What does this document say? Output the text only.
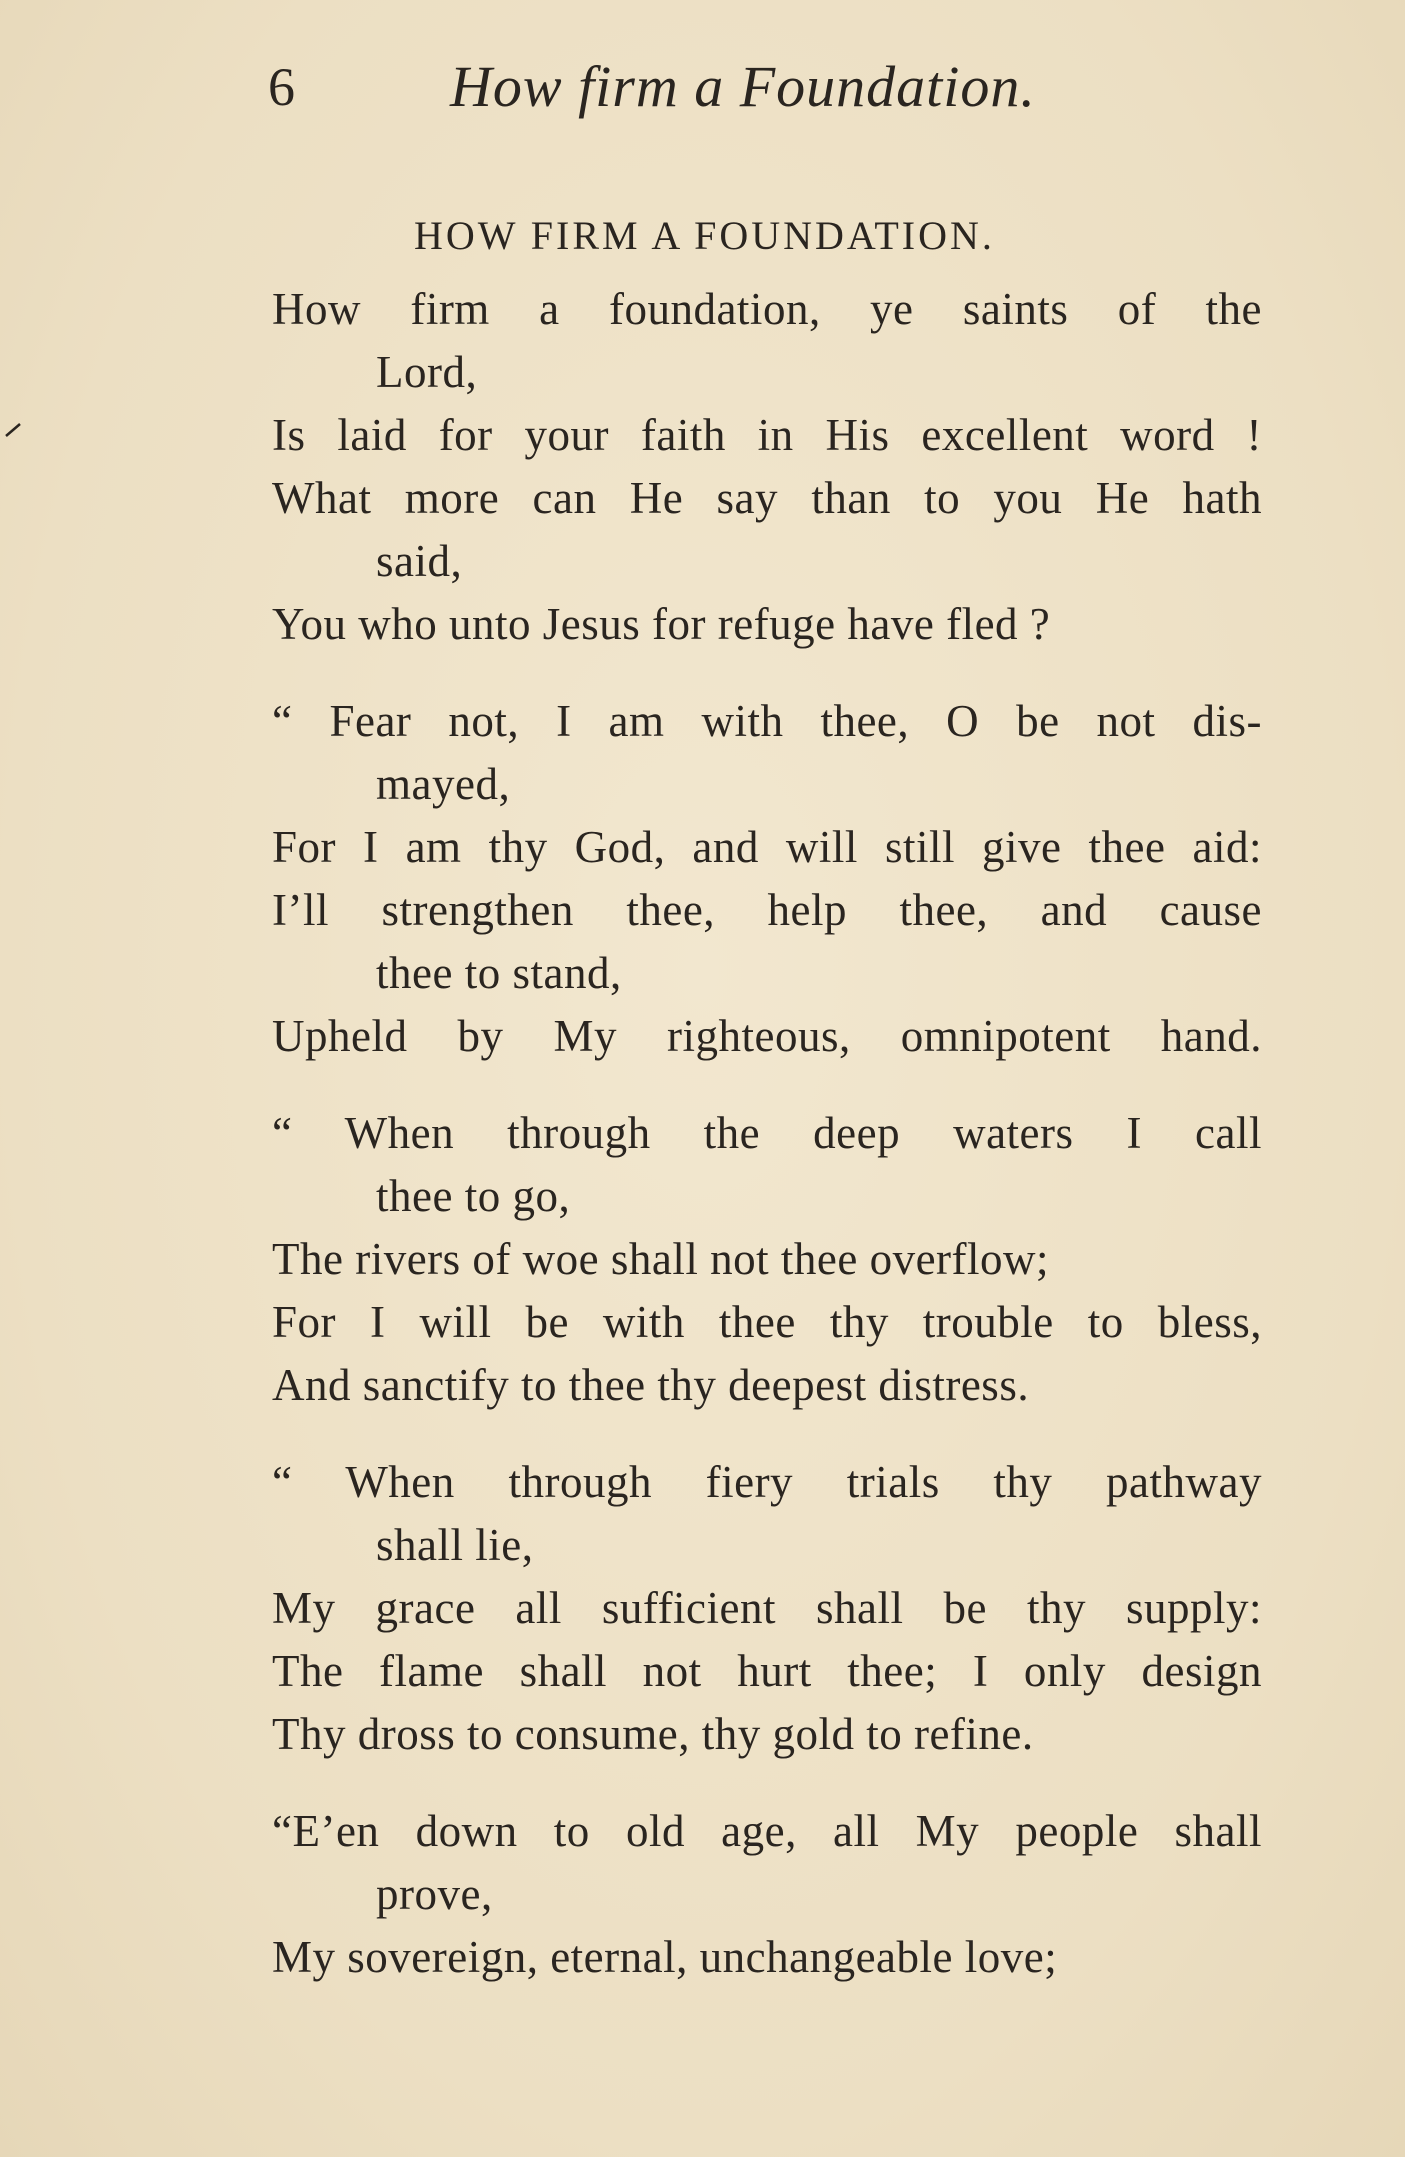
6	How firm a Foundation.
HOW FIRM A FOUNDATION.
How firm a foundation, ye saints of the
Lord,
Is laid for your faith in His excellent word !
What more can He say than to you He hath
said,
You who unto Jesus for refuge have fled ?
“ Fear not, I am with thee, O be not dis-
mayed,
For I am thy God, and will still give thee aid:
I’ll strengthen thee, help thee, and cause
thee to stand,
Upheld by My righteous, omnipotent hand.
“ When through the deep waters I call
thee to go,
The rivers of woe shall not thee overflow;
For I will be with thee thy trouble to bless,
And sanctify to thee thy deepest distress.
“ When through fiery trials thy pathway
shall lie,
My grace all sufficient shall be thy supply:
The flame shall not hurt thee; I only design
Thy dross to consume, thy gold to refine.
“E’en down to old age, all My people shall
prove,
My sovereign, eternal, unchangeable love;
